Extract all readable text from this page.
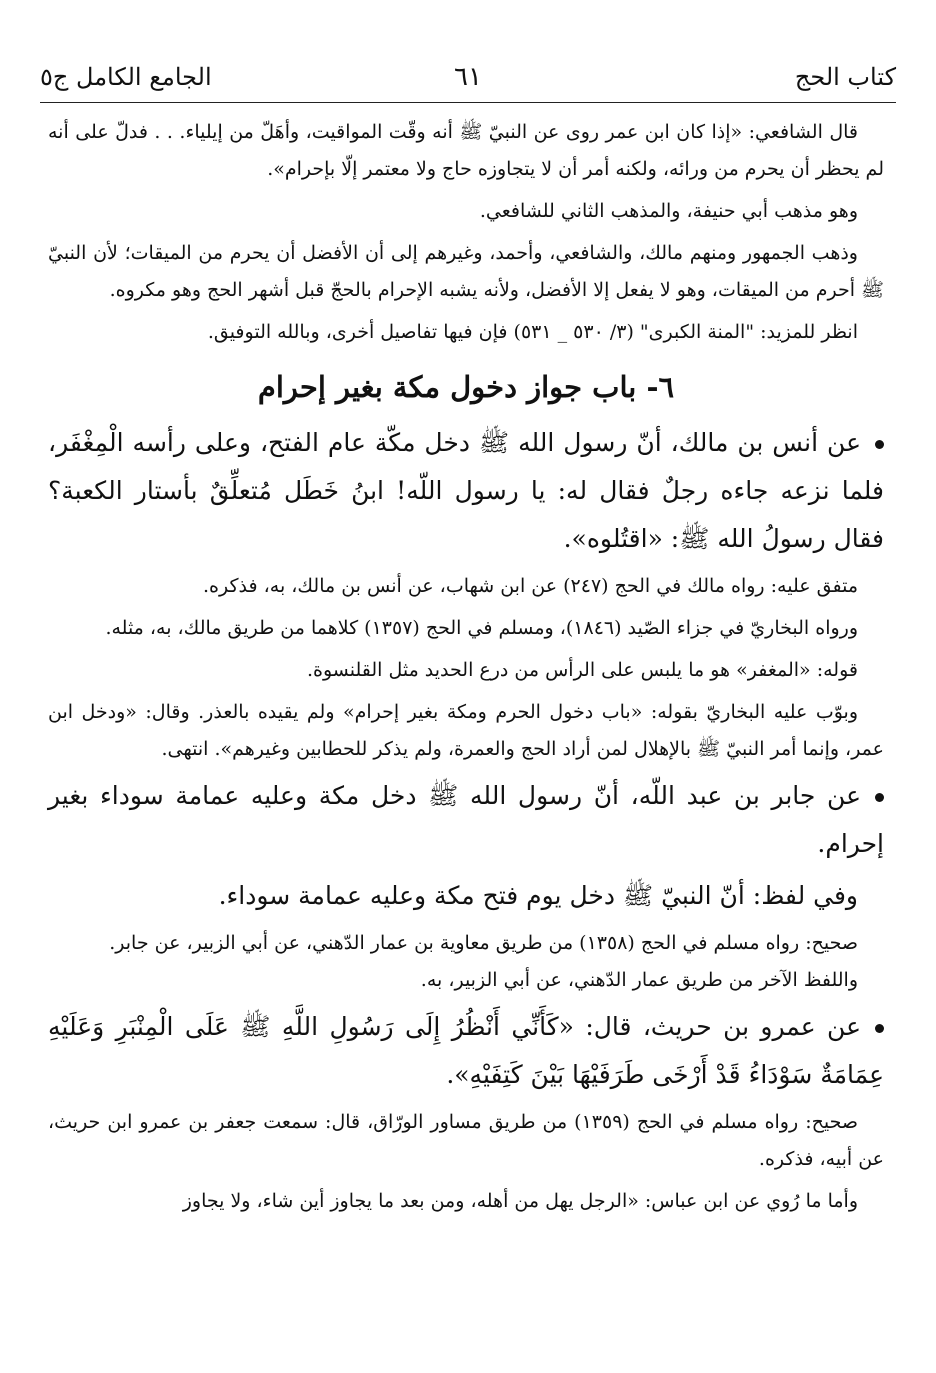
كتاب الحج
٦١
الجامع الكامل ج٥

قال الشافعي: «إذا كان ابن عمر روى عن النبيّ ﷺ أنه وقّت المواقيت، وأهَلّ من إيلياء. . . فدلّ على أنه لم يحظر أن يحرم من ورائه، ولكنه أمر أن لا يتجاوزه حاج ولا معتمر إلّا بإحرام».

وهو مذهب أبي حنيفة، والمذهب الثاني للشافعي.

وذهب الجمهور ومنهم مالك، والشافعي، وأحمد، وغيرهم إلى أن الأفضل أن يحرم من الميقات؛ لأن النبيّ ﷺ أحرم من الميقات، وهو لا يفعل إلا الأفضل، ولأنه يشبه الإحرام بالحجّ قبل أشهر الحج وهو مكروه.

انظر للمزيد: "المنة الكبرى" (٣/ ٥٣٠ _ ٥٣١) فإن فيها تفاصيل أخرى، وبالله التوفيق.

٦- باب جواز دخول مكة بغير إحرام

عن أنس بن مالك، أنّ رسول الله ﷺ دخل مكّة عام الفتح، وعلى رأسه الْمِغْفَر، فلما نزعه جاءه رجلٌ فقال له: يا رسول اللّه! ابنُ خَطَل مُتعلِّقٌ بأستار الكعبة؟ فقال رسولُ الله ﷺ: «اقتُلوه».

متفق عليه: رواه مالك في الحج (٢٤٧) عن ابن شهاب، عن أنس بن مالك، به، فذكره.

ورواه البخاريّ في جزاء الصّيد (١٨٤٦)، ومسلم في الحج (١٣٥٧) كلاهما من طريق مالك، به، مثله.

قوله: «المغفر» هو ما يلبس على الرأس من درع الحديد مثل القلنسوة.

وبوّب عليه البخاريّ بقوله: «باب دخول الحرم ومكة بغير إحرام» ولم يقيده بالعذر. وقال: «ودخل ابن عمر، وإنما أمر النبيّ ﷺ بالإهلال لمن أراد الحج والعمرة، ولم يذكر للحطابين وغيرهم». انتهى.

عن جابر بن عبد اللّه، أنّ رسول الله ﷺ دخل مكة وعليه عمامة سوداء بغير إحرام.

وفي لفظ: أنّ النبيّ ﷺ دخل يوم فتح مكة وعليه عمامة سوداء.

صحيح: رواه مسلم في الحج (١٣٥٨) من طريق معاوية بن عمار الدّهني، عن أبي الزبير، عن جابر.

واللفظ الآخر من طريق عمار الدّهني، عن أبي الزبير، به.

عن عمرو بن حريث، قال: «كَأَنِّي أَنْظُرُ إِلَى رَسُولِ اللَّهِ ﷺ عَلَى الْمِنْبَرِ وَعَلَيْهِ عِمَامَةٌ سَوْدَاءُ قَدْ أَرْخَى طَرَفَيْهَا بَيْنَ كَتِفَيْهِ».

صحيح: رواه مسلم في الحج (١٣٥٩) من طريق مساور الورّاق، قال: سمعت جعفر بن عمرو ابن حريث، عن أبيه، فذكره.

وأما ما رُوي عن ابن عباس: «الرجل يهل من أهله، ومن بعد ما يجاوز أين شاء، ولا يجاوز
